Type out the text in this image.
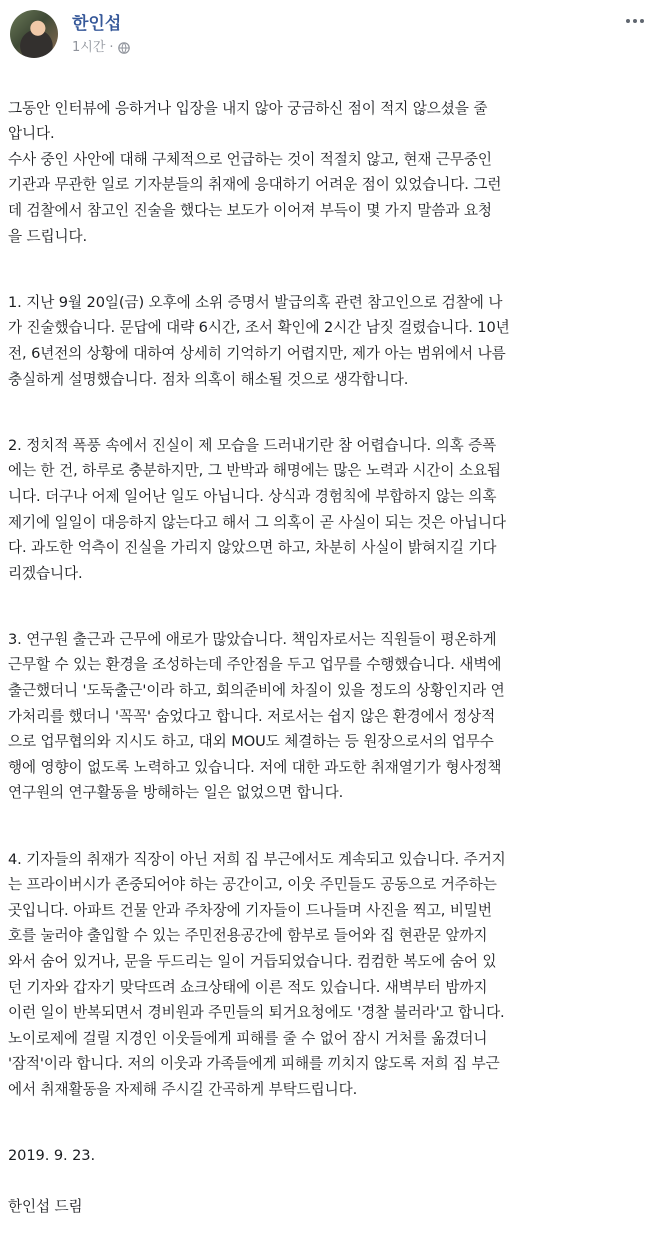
한인섭
1시간 ·

그동안 인터뷰에 응하거나 입장을 내지 않아 궁금하신 점이 적지 않으셨을 줄
압니다.
수사 중인 사안에 대해 구체적으로 언급하는 것이 적절치 않고, 현재 근무중인
기관과 무관한 일로 기자분들의 취재에 응대하기 어려운 점이 있었습니다. 그런
데 검찰에서 참고인 진술을 했다는 보도가 이어져 부득이 몇 가지 말씀과 요청
을 드립니다.

1. 지난 9월 20일(금) 오후에 소위 증명서 발급의혹 관련 참고인으로 검찰에 나
가 진술했습니다. 문답에 대략 6시간, 조서 확인에 2시간 남짓 걸렸습니다. 10년
전, 6년전의 상황에 대하여 상세히 기억하기 어렵지만, 제가 아는 범위에서 나름
충실하게 설명했습니다. 점차 의혹이 해소될 것으로 생각합니다.

2. 정치적 폭풍 속에서 진실이 제 모습을 드러내기란 참 어렵습니다. 의혹 증폭
에는 한 건, 하루로 충분하지만, 그 반박과 해명에는 많은 노력과 시간이 소요됩
니다. 더구나 어제 일어난 일도 아닙니다. 상식과 경험칙에 부합하지 않는 의혹
제기에 일일이 대응하지 않는다고 해서 그 의혹이 곧 사실이 되는 것은 아닙니다
다. 과도한 억측이 진실을 가리지 않았으면 하고, 차분히 사실이 밝혀지길 기다
리겠습니다.

3. 연구원 출근과 근무에 애로가 많았습니다. 책임자로서는 직원들이 평온하게
근무할 수 있는 환경을 조성하는데 주안점을 두고 업무를 수행했습니다. 새벽에
출근했더니 '도둑출근'이라 하고, 회의준비에 차질이 있을 정도의 상황인지라 연
가처리를 했더니 '꼭꼭' 숨었다고 합니다. 저로서는 쉽지 않은 환경에서 정상적
으로 업무협의와 지시도 하고, 대외 MOU도 체결하는 등 원장으로서의 업무수
행에 영향이 없도록 노력하고 있습니다. 저에 대한 과도한 취재열기가 형사정책
연구원의 연구활동을 방해하는 일은 없었으면 합니다.

4. 기자들의 취재가 직장이 아닌 저희 집 부근에서도 계속되고 있습니다. 주거지
는 프라이버시가 존중되어야 하는 공간이고, 이웃 주민들도 공동으로 거주하는
곳입니다. 아파트 건물 안과 주차장에 기자들이 드나들며 사진을 찍고, 비밀번
호를 눌러야 출입할 수 있는 주민전용공간에 함부로 들어와 집 현관문 앞까지
와서 숨어 있거나, 문을 두드리는 일이 거듭되었습니다. 컴컴한 복도에 숨어 있
던 기자와 갑자기 맞닥뜨려 쇼크상태에 이른 적도 있습니다. 새벽부터 밤까지
이런 일이 반복되면서 경비원과 주민들의 퇴거요청에도 '경찰 불러라'고 합니다.
노이로제에 걸릴 지경인 이웃들에게 피해를 줄 수 없어 잠시 거처를 옮겼더니
'잠적'이라 합니다. 저의 이웃과 가족들에게 피해를 끼치지 않도록 저희 집 부근
에서 취재활동을 자제해 주시길 간곡하게 부탁드립니다.

2019. 9. 23.

한인섭 드림
